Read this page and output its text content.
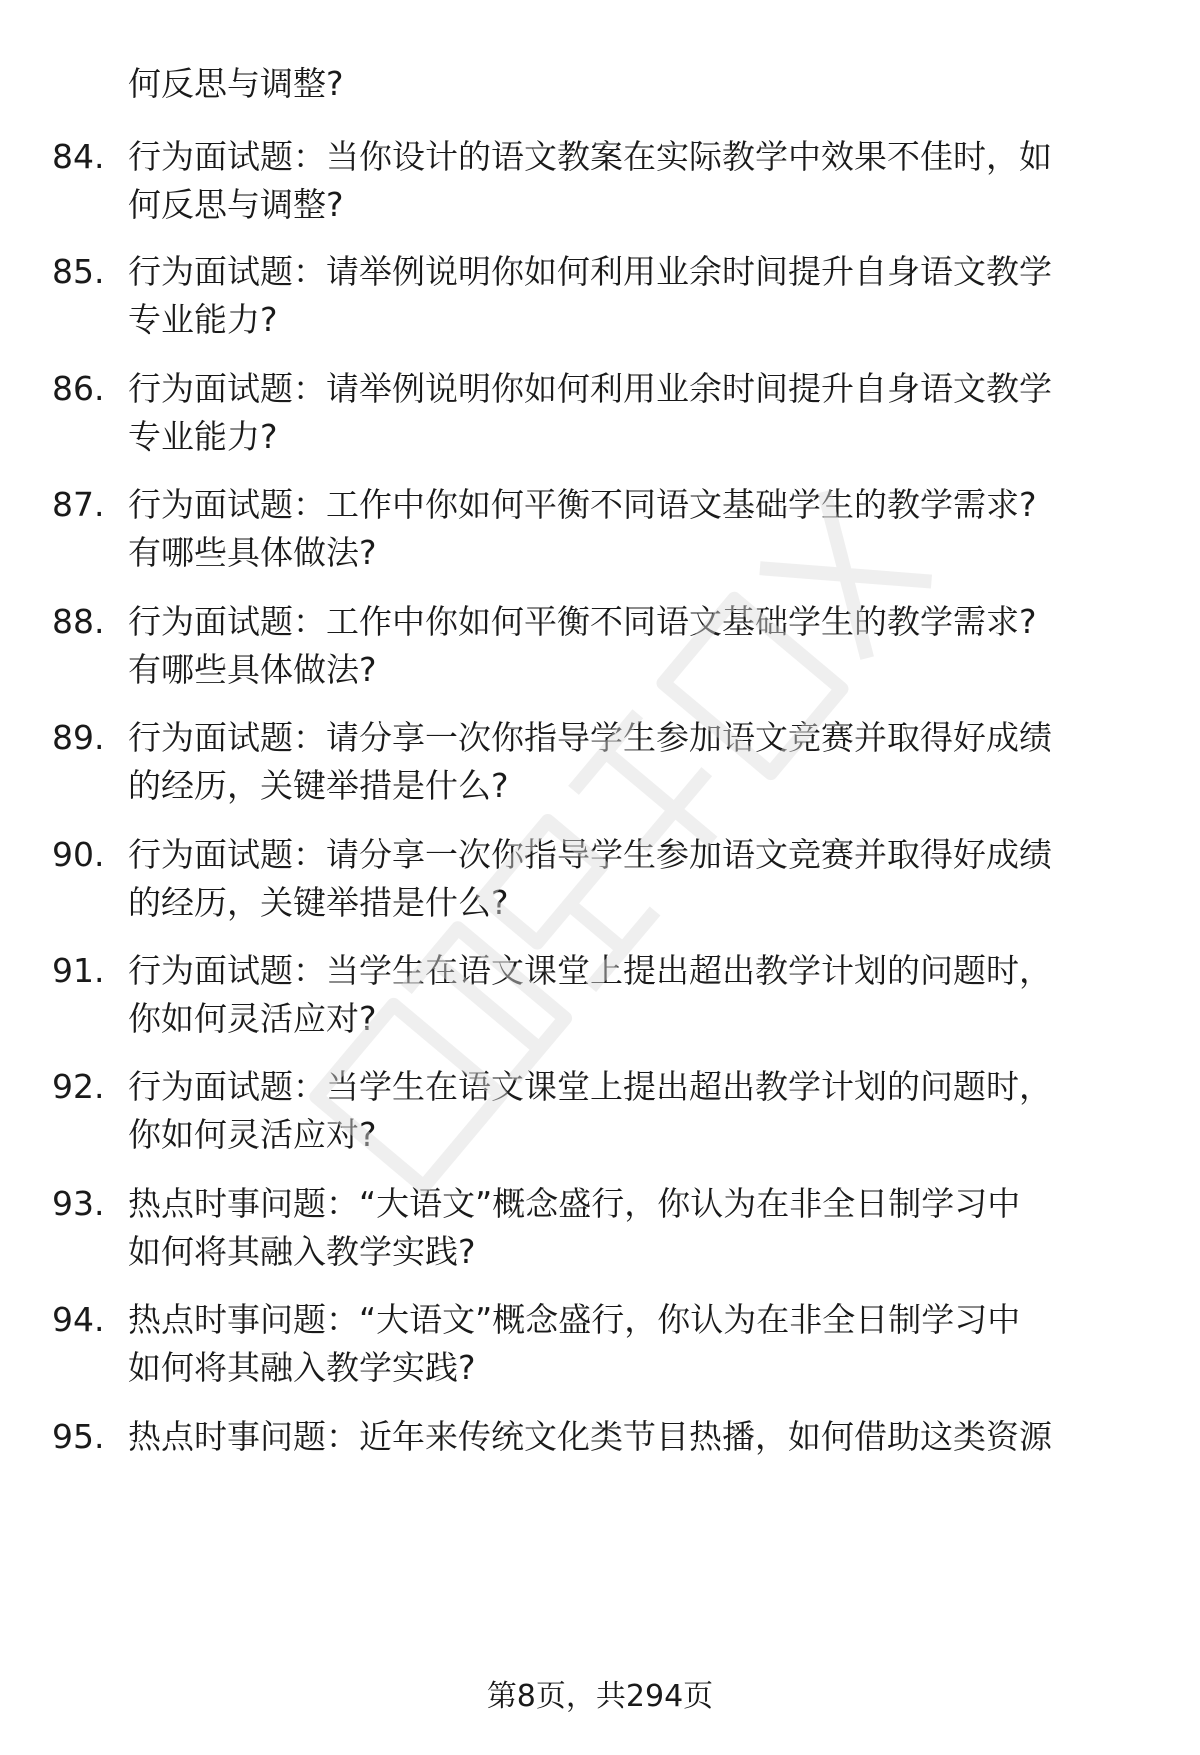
何反思与调整?
84. 行为面试题：当你设计的语文教案在实际教学中效果不佳时，如
何反思与调整?
85. 行为面试题：请举例说明你如何利用业余时间提升自身语文教学
专业能力?
86. 行为面试题：请举例说明你如何利用业余时间提升自身语文教学
专业能力?
87. 行为面试题：工作中你如何平衡不同语文基础学生的教学需求?
有哪些具体做法?
88. 行为面试题：工作中你如何平衡不同语文基础学生的教学需求?
有哪些具体做法?
89. 行为面试题：请分享一次你指导学生参加语文竞赛并取得好成绩
的经历，关键举措是什么?
90. 行为面试题：请分享一次你指导学生参加语文竞赛并取得好成绩
的经历，关键举措是什么?
91. 行为面试题：当学生在语文课堂上提出超出教学计划的问题时，
你如何灵活应对?
92. 行为面试题：当学生在语文课堂上提出超出教学计划的问题时，
你如何灵活应对?
93. 热点时事问题：“大语文”概念盛行，你认为在非全日制学习中
如何将其融入教学实践?
94. 热点时事问题：“大语文”概念盛行，你认为在非全日制学习中
如何将其融入教学实践?
95. 热点时事问题：近年来传统文化类节目热播，如何借助这类资源
第8页，共294页
